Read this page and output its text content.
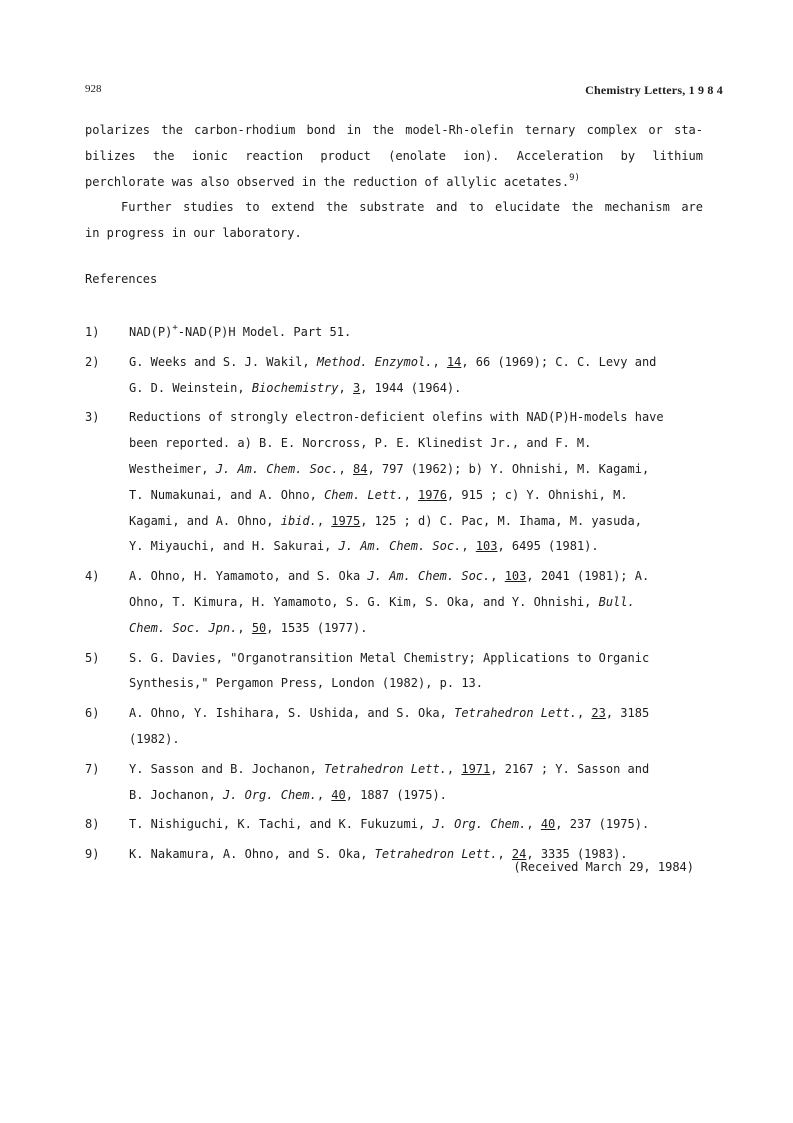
928	Chemistry Letters, 1 9 8 4
polarizes the carbon-rhodium bond in the model-Rh-olefin ternary complex or sta-
bilizes the ionic reaction product (enolate ion). Acceleration by lithium
perchlorate was also observed in the reduction of allylic acetates.$^{9)}$
Further studies to extend the substrate and to elucidate the mechanism are
in progress in our laboratory.
References
1)	NAD(P)+-NAD(P)H Model. Part 51.
2)	G. Weeks and S. J. Wakil, Method. Enzymol., 14, 66 (1969); C. C. Levy and
G. D. Weinstein, Biochemistry, 3, 1944 (1964).
3)	Reductions of strongly electron-deficient olefins with NAD(P)H-models have
been reported. a) B. E. Norcross, P. E. Klinedist Jr., and F. M.
Westheimer, J. Am. Chem. Soc., 84, 797 (1962); b) Y. Ohnishi, M. Kagami,
T. Numakunai, and A. Ohno, Chem. Lett., 1976, 915 ; c) Y. Ohnishi, M.
Kagami, and A. Ohno, ibid., 1975, 125 ; d) C. Pac, M. Ihama, M. yasuda,
Y. Miyauchi, and H. Sakurai, J. Am. Chem. Soc., 103, 6495 (1981).
4)	A. Ohno, H. Yamamoto, and S. Oka J. Am. Chem. Soc., 103, 2041 (1981); A.
Ohno, T. Kimura, H. Yamamoto, S. G. Kim, S. Oka, and Y. Ohnishi, Bull.
Chem. Soc. Jpn., 50, 1535 (1977).
5)	S. G. Davies, "Organotransition Metal Chemistry; Applications to Organic
Synthesis," Pergamon Press, London (1982), p. 13.
6)	A. Ohno, Y. Ishihara, S. Ushida, and S. Oka, Tetrahedron Lett., 23, 3185
(1982).
7)	Y. Sasson and B. Jochanon, Tetrahedron Lett., 1971, 2167 ; Y. Sasson and
B. Jochanon, J. Org. Chem., 40, 1887 (1975).
8)	T. Nishiguchi, K. Tachi, and K. Fukuzumi, J. Org. Chem., 40, 237 (1975).
9)	K. Nakamura, A. Ohno, and S. Oka, Tetrahedron Lett., 24, 3335 (1983).
(Received March 29, 1984)
